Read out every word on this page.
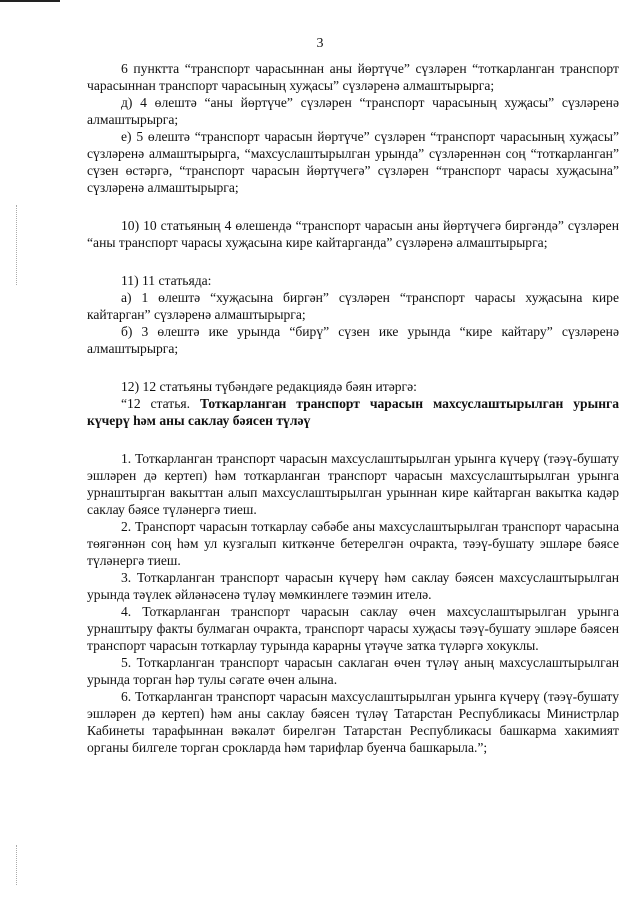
3

6 пунктта “транспорт чарасыннан аны йөртүче” сүзләрен “тоткарланган транспорт чарасыннан транспорт чарасының хуҗасы” сүзләренә алмаштырырга;

д) 4 өлештә “аны йөртүче” сүзләрен “транспорт чарасының хуҗасы” сүзләренә алмаштырырга;

е) 5 өлештә “транспорт чарасын йөртүче” сүзләрен “транспорт чарасының хуҗасы” сүзләренә алмаштырырга, “махсуслаштырылган урында” сүзләреннән соң “тоткарланган” сүзен өстәргә, “транспорт чарасын йөртүчегә” сүзләрен “транспорт чарасы хуҗасына” сүзләренә алмаштырырга;

10) 10 статьяның 4 өлешендә “транспорт чарасын аны йөртүчегә биргәндә” сүзләрен “аны транспорт чарасы хуҗасына кире кайтарганда” сүзләренә алмаштырырга;

11) 11 статьяда:

а) 1 өлештә “хуҗасына биргән” сүзләрен “транспорт чарасы хуҗасына кире кайтарган” сүзләренә алмаштырырга;

б) 3 өлештә ике урында “бирү” сүзен ике урында “кире кайтару” сүзләренә алмаштырырга;

12) 12 статьяны түбәндәге редакциядә бәян итәргә:

“12 статья. Тоткарланган транспорт чарасын махсуслаштырылган урынга күчерү һәм аны саклау бәясен түләү

1. Тоткарланган транспорт чарасын махсуслаштырылган урынга күчерү (тәэү-бушату эшләрен дә кертеп) һәм тоткарланган транспорт чарасын махсуслаштырылган урынга урнаштырган вакыттан алып махсуслаштырылган урыннан кире кайтарган вакытка кадәр саклау бәясе түләнергә тиеш.

2. Транспорт чарасын тоткарлау сәбәбе аны махсуслаштырылган транспорт чарасына төягәннән соң һәм ул кузгалып киткәнче бетерелгән очракта, тәэү-бушату эшләре бәясе түләнергә тиеш.

3. Тоткарланган транспорт чарасын күчерү һәм саклау бәясен махсуслаштырылган урында тәүлек әйләнәсенә түләү мөмкинлеге тәэмин ителә.

4. Тоткарланган транспорт чарасын саклау өчен махсуслаштырылган урынга урнаштыру факты булмаган очракта, транспорт чарасы хуҗасы тәэү-бушату эшләре бәясен транспорт чарасын тоткарлау турында карарны үтәүче затка түләргә хокуклы.

5. Тоткарланган транспорт чарасын саклаган өчен түләү аның махсуслаштырылган урында торган һәр тулы сәгате өчен алына.

6. Тоткарланган транспорт чарасын махсуслаштырылган урынга күчерү (тәэү-бушату эшләрен дә кертеп) һәм аны саклау бәясен түләү Татарстан Республикасы Министрлар Кабинеты тарафыннан вәкаләт бирелгән Татарстан Республикасы башкарма хакимият органы билгеле торган срокларда һәм тарифлар буенча башкарыла.”;
